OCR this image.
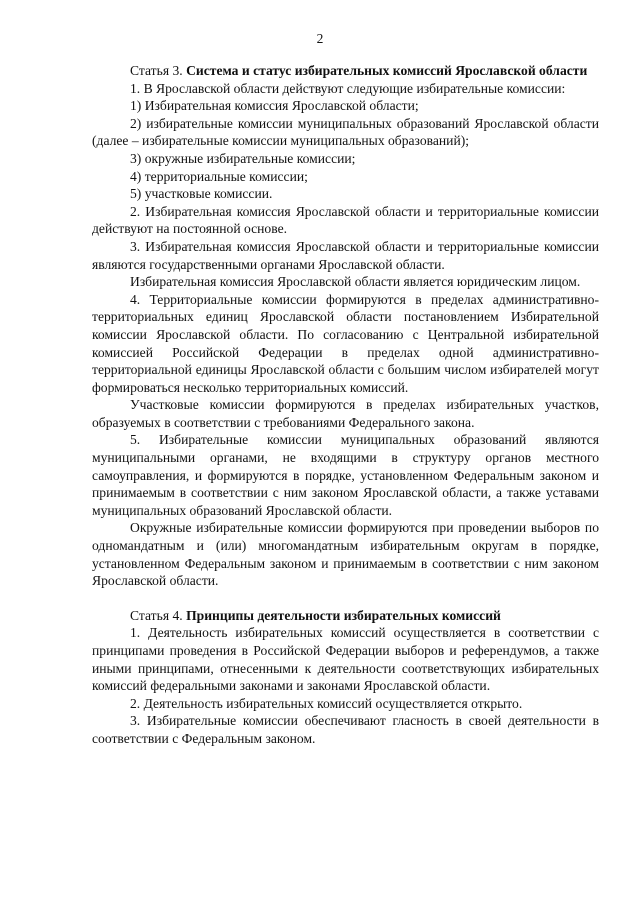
2

Статья 3. Система и статус избирательных комиссий Ярославской области

1. В Ярославской области действуют следующие избирательные комиссии:

1) Избирательная комиссия Ярославской области;

2) избирательные комиссии муниципальных образований Ярославской области (далее – избирательные комиссии муниципальных образований);

3) окружные избирательные комиссии;

4) территориальные комиссии;

5) участковые комиссии.

2. Избирательная комиссия Ярославской области и территориальные комиссии действуют на постоянной основе.

3. Избирательная комиссия Ярославской области и территориальные комиссии являются государственными органами Ярославской области.

Избирательная комиссия Ярославской области является юридическим лицом.

4. Территориальные комиссии формируются в пределах административно-территориальных единиц Ярославской области постановлением Избирательной комиссии Ярославской области. По согласованию с Центральной избирательной комиссией Российской Федерации в пределах одной административно-территориальной единицы Ярославской области с большим числом избирателей могут формироваться несколько территориальных комиссий.

Участковые комиссии формируются в пределах избирательных участков, образуемых в соответствии с требованиями Федерального закона.

5. Избирательные комиссии муниципальных образований являются муниципальными органами, не входящими в структуру органов местного самоуправления, и формируются в порядке, установленном Федеральным законом и принимаемым в соответствии с ним законом Ярославской области, а также уставами муниципальных образований Ярославской области.

Окружные избирательные комиссии формируются при проведении выборов по одномандатным и (или) многомандатным избирательным округам в порядке, установленном Федеральным законом и принимаемым в соответствии с ним законом Ярославской области.

Статья 4. Принципы деятельности избирательных комиссий

1. Деятельность избирательных комиссий осуществляется в соответствии с принципами проведения в Российской Федерации выборов и референдумов, а также иными принципами, отнесенными к деятельности соответствующих избирательных комиссий федеральными законами и законами Ярославской области.

2. Деятельность избирательных комиссий осуществляется открыто.

3. Избирательные комиссии обеспечивают гласность в своей деятельности в соответствии с Федеральным законом.
